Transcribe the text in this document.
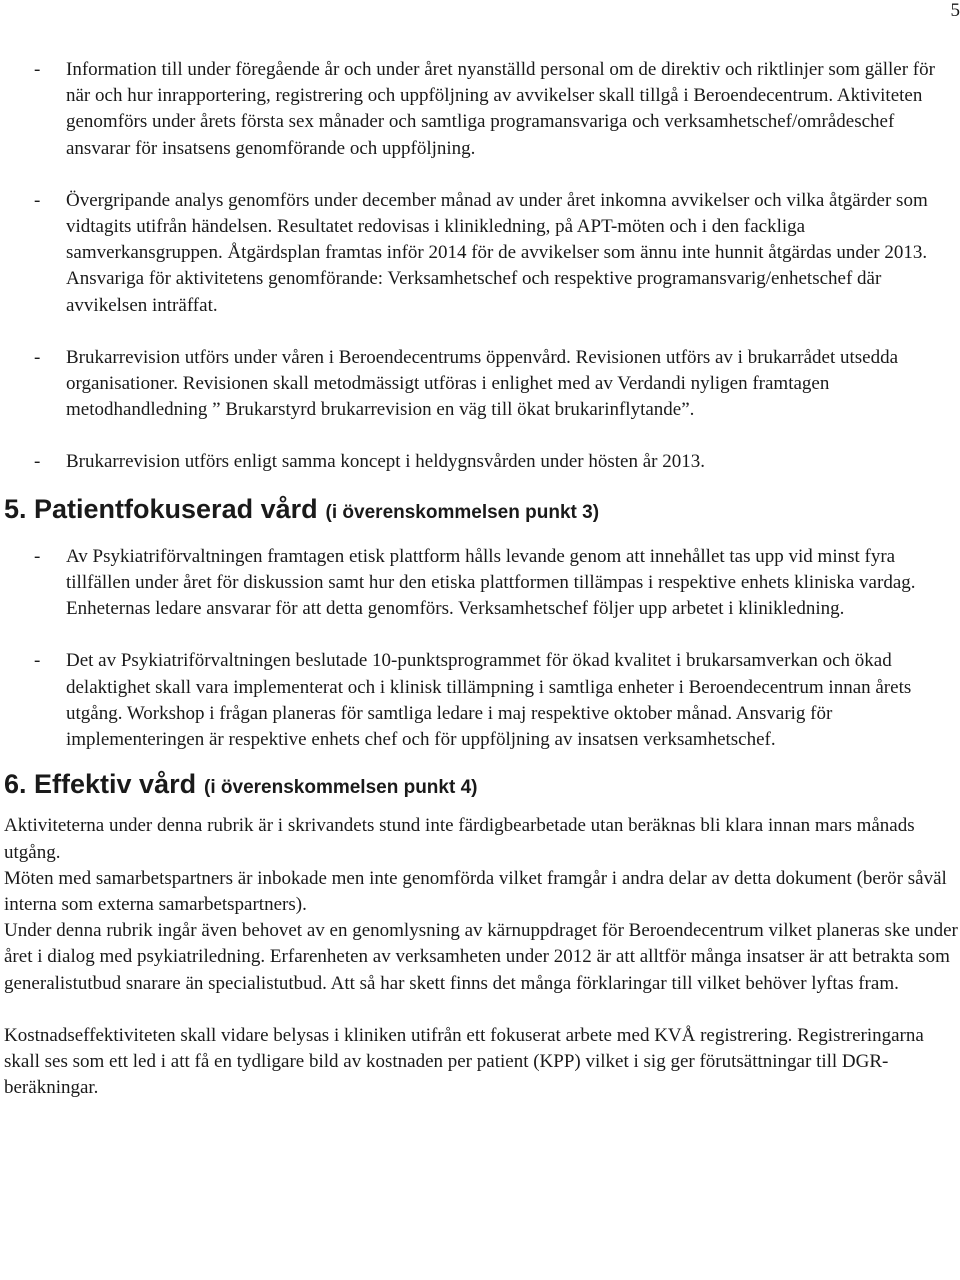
5
- Information till under föregående år och under året nyanställd personal om de direktiv och riktlinjer som gäller för när och hur inrapportering, registrering och uppföljning av avvikelser skall tillgå i Beroendecentrum. Aktiviteten genomförs under årets första sex månader och samtliga programansvariga och verksamhetschef/områdeschef ansvarar för insatsens genomförande och uppföljning.
- Övergripande analys genomförs under december månad av under året inkomna avvikelser och vilka åtgärder som vidtagits utifrån händelsen. Resultatet redovisas i klinikledning, på APT-möten och i den fackliga samverkansgruppen. Åtgärdsplan framtas inför 2014 för de avvikelser som ännu inte hunnit åtgärdas under 2013. Ansvariga för aktivitetens genomförande: Verksamhetschef och respektive programansvarig/enhetschef där avvikelsen inträffat.
- Brukarrevision utförs under våren i Beroendecentrums öppenvård. Revisionen utförs av i brukarrådet utsedda organisationer. Revisionen skall metodmässigt utföras i enlighet med av Verdandi nyligen framtagen metodhandledning ” Brukarstyrd brukarrevision en väg till ökat brukarinflytande”.
- Brukarrevision utförs enligt samma koncept i heldygnsvården under hösten år 2013.
5. Patientfokuserad vård (i överenskommelsen punkt 3)
- Av Psykiatriförvaltningen framtagen etisk plattform hålls levande genom att innehållet tas upp vid minst fyra tillfällen under året för diskussion samt hur den etiska plattformen tillämpas i respektive enhets kliniska vardag. Enheternas ledare ansvarar för att detta genomförs. Verksamhetschef följer upp arbetet i klinikledning.
- Det av Psykiatriförvaltningen beslutade 10-punktsprogrammet för ökad kvalitet i brukarsamverkan och ökad delaktighet skall vara implementerat och i klinisk tillämpning i samtliga enheter i Beroendecentrum innan årets utgång. Workshop i frågan planeras för samtliga ledare i maj respektive oktober månad. Ansvarig för implementeringen är respektive enhets chef och för uppföljning av insatsen verksamhetschef.
6. Effektiv vård (i överenskommelsen punkt 4)

Aktiviteterna under denna rubrik är i skrivandets stund inte färdigbearbetade utan beräknas bli klara innan mars månads utgång.

Möten med samarbetspartners är inbokade men inte genomförda vilket framgår i andra delar av detta dokument (berör såväl interna som externa samarbetspartners).

Under denna rubrik ingår även behovet av en genomlysning av kärnuppdraget för Beroendecentrum vilket planeras ske under året i dialog med psykiatriledning. Erfarenheten av verksamheten under 2012 är att alltför många insatser är att betrakta som generalistutbud snarare än specialistutbud. Att så har skett finns det många förklaringar till vilket behöver lyftas fram.

Kostnadseffektiviteten skall vidare belysas i kliniken utifrån ett fokuserat arbete med KVÅ registrering. Registreringarna skall ses som ett led i att få en tydligare bild av kostnaden per patient (KPP) vilket i sig ger förutsättningar till DGR-beräkningar.
